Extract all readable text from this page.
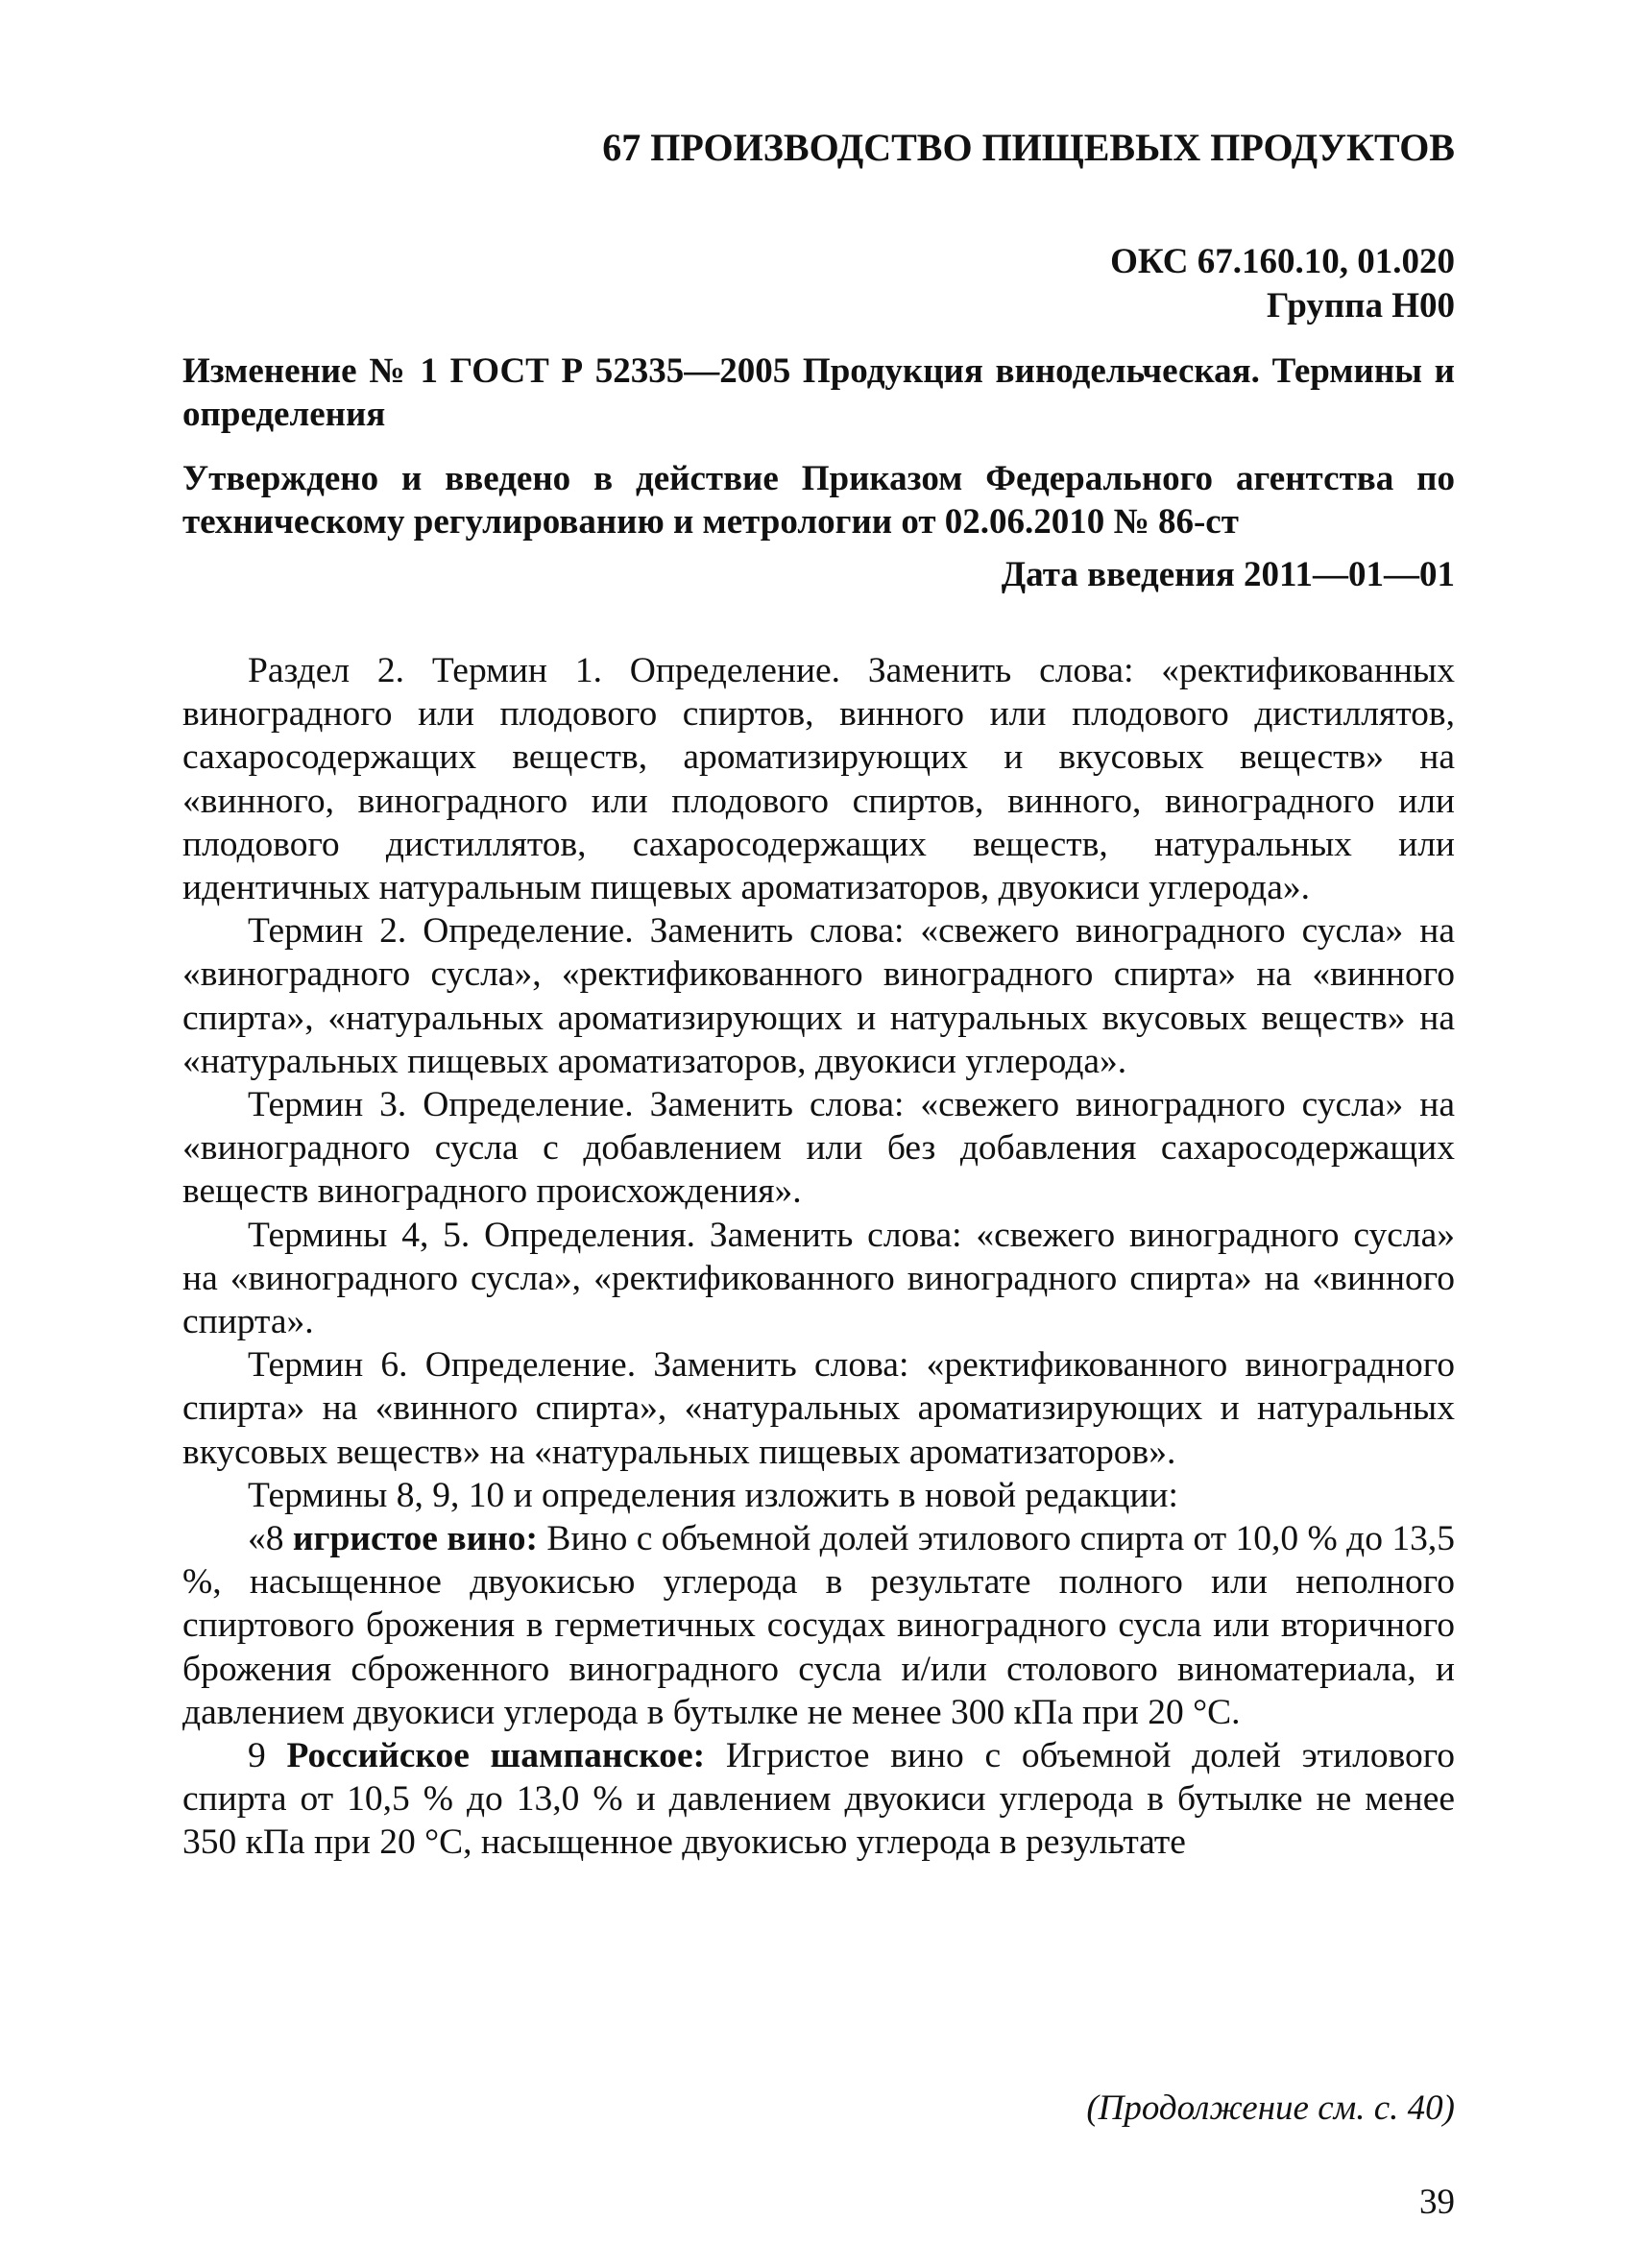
67 ПРОИЗВОДСТВО ПИЩЕВЫХ ПРОДУКТОВ
ОКС 67.160.10, 01.020
Группа Н00

Изменение № 1 ГОСТ Р 52335—2005 Продукция винодельческая. Термины и определения

Утверждено и введено в действие Приказом Федерального агентства по техническому регулированию и метрологии от 02.06.2010 № 86-ст

Дата введения 2011—01—01

Раздел 2. Термин 1. Определение. Заменить слова: «ректификованных виноградного или плодового спиртов, винного или плодового дистиллятов, сахаросодержащих веществ, ароматизирующих и вкусовых веществ» на «винного, виноградного или плодового спиртов, винного, виноградного или плодового дистиллятов, сахаросодержащих веществ, натуральных или идентичных натуральным пищевых ароматизаторов, двуокиси углерода».

Термин 2. Определение. Заменить слова: «свежего виноградного сусла» на «виноградного сусла», «ректификованного виноградного спирта» на «винного спирта», «натуральных ароматизирующих и натуральных вкусовых веществ» на «натуральных пищевых ароматизаторов, двуокиси углерода».

Термин 3. Определение. Заменить слова: «свежего виноградного сусла» на «виноградного сусла с добавлением или без добавления сахаросодержащих веществ виноградного происхождения».

Термины 4, 5. Определения. Заменить слова: «свежего виноградного сусла» на «виноградного сусла», «ректификованного виноградного спирта» на «винного спирта».

Термин 6. Определение. Заменить слова: «ректификованного виноградного спирта» на «винного спирта», «натуральных ароматизирующих и натуральных вкусовых веществ» на «натуральных пищевых ароматизаторов».

Термины 8, 9, 10 и определения изложить в новой редакции:

«8 игристое вино: Вино с объемной долей этилового спирта от 10,0 % до 13,5 %, насыщенное двуокисью углерода в результате полного или неполного спиртового брожения в герметичных сосудах виноградного сусла или вторичного брожения сброженного виноградного сусла и/или столового виноматериала, и давлением двуокиси углерода в бутылке не менее 300 кПа при 20 °С.

9 Российское шампанское: Игристое вино с объемной долей этилового спирта от 10,5 % до 13,0 % и давлением двуокиси углерода в бутылке не менее 350 кПа при 20 °С, насыщенное двуокисью углерода в результате

(Продолжение см. с. 40)
39
